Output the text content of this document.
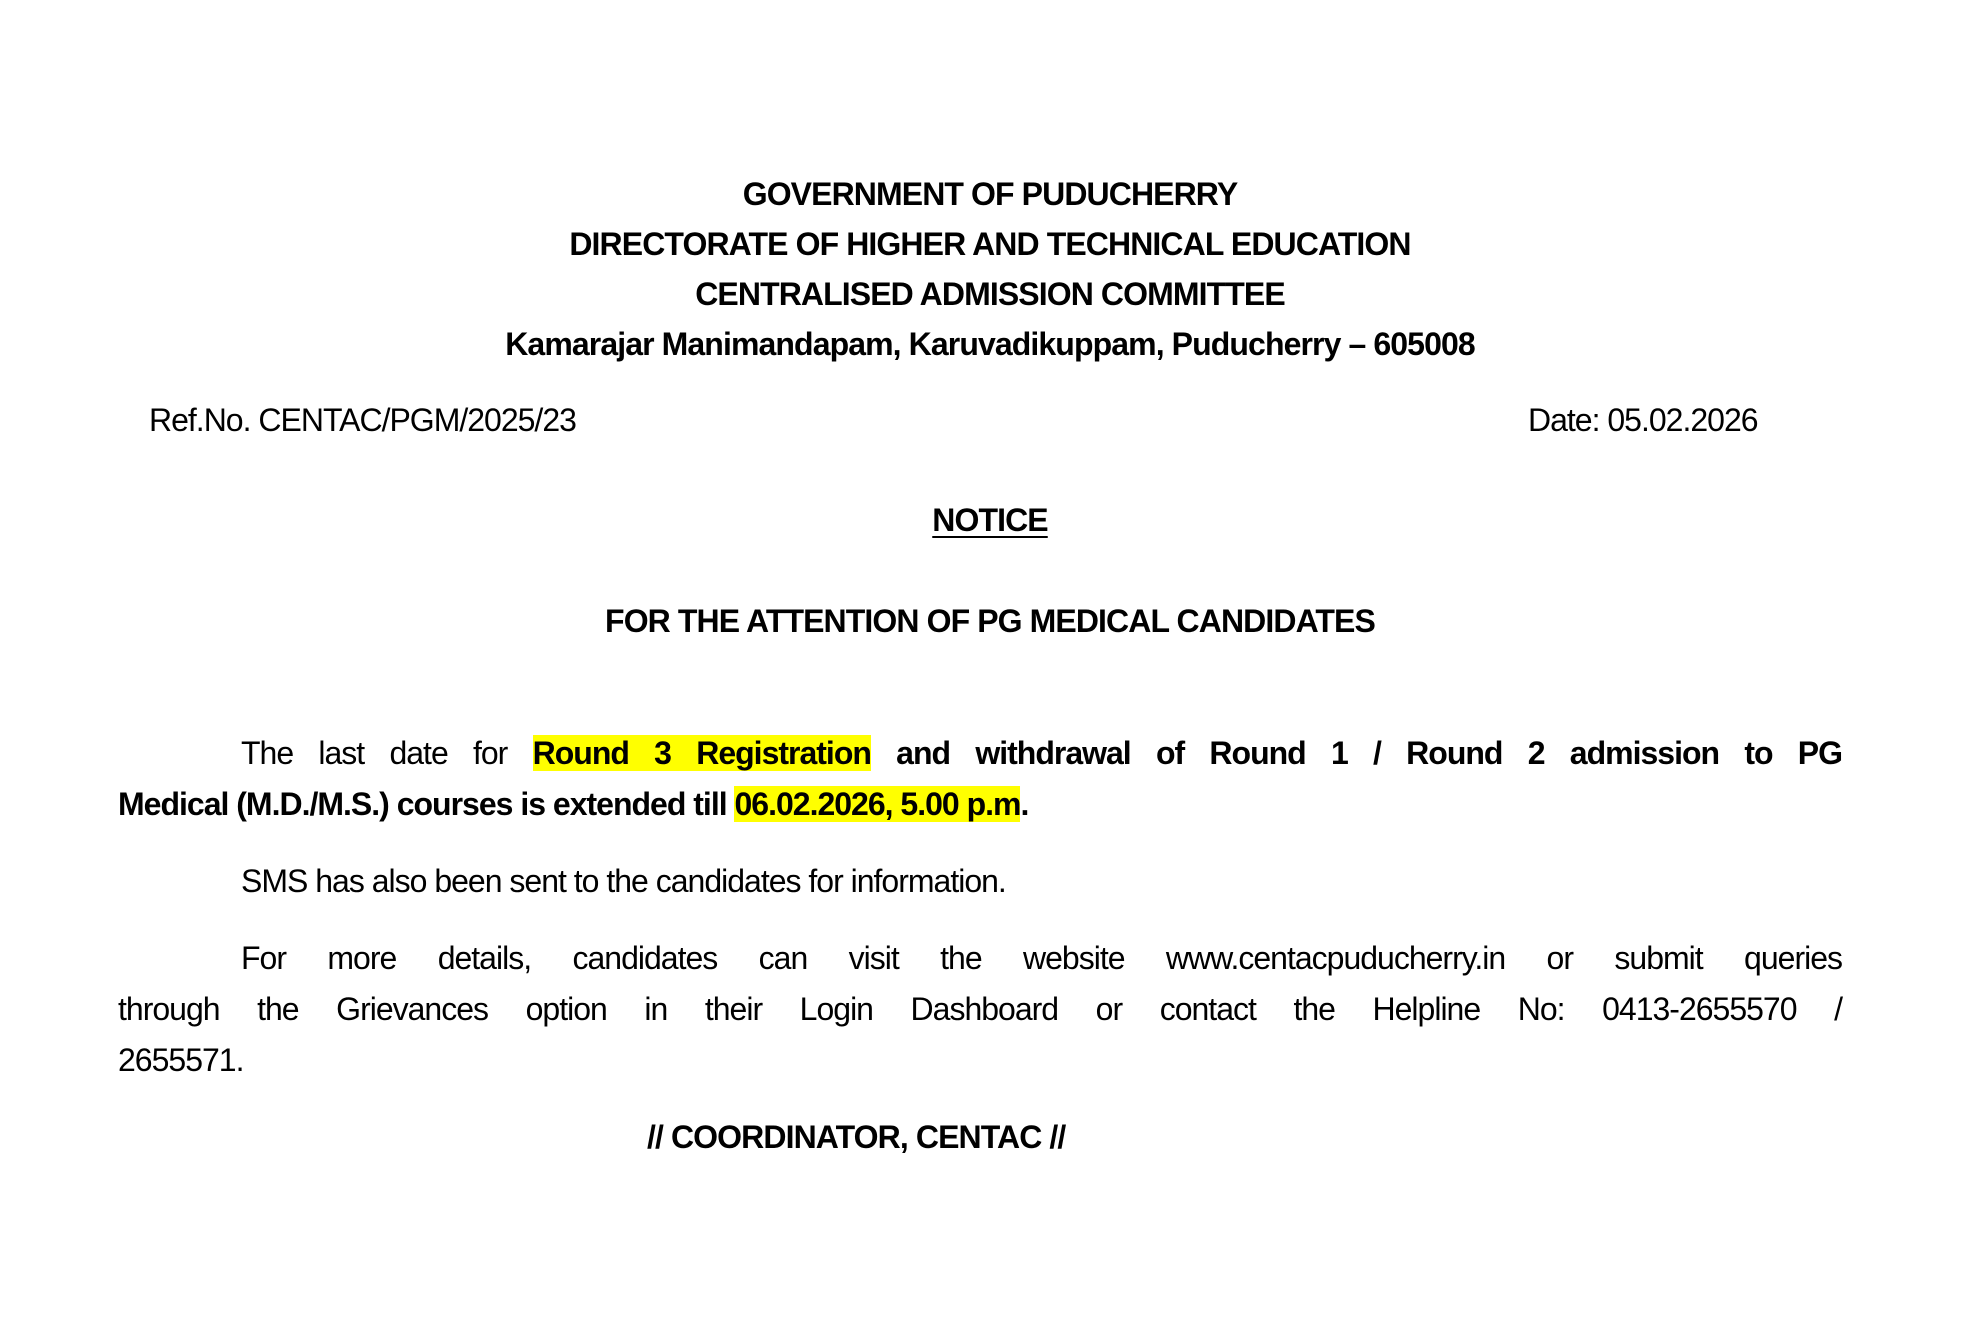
GOVERNMENT OF PUDUCHERRY
DIRECTORATE OF HIGHER AND TECHNICAL EDUCATION
CENTRALISED ADMISSION COMMITTEE
Kamarajar Manimandapam, Karuvadikuppam, Puducherry – 605008
Ref.No. CENTAC/PGM/2025/23	Date: 05.02.2026
NOTICE
FOR THE ATTENTION OF PG MEDICAL CANDIDATES
The last date for Round 3 Registration and withdrawal of Round 1 / Round 2 admission to PG
Medical (M.D./M.S.) courses is extended till 06.02.2026, 5.00 p.m.
SMS has also been sent to the candidates for information.
For more details, candidates can visit the website www.centacpuducherry.in or submit queries
through the Grievances option in their Login Dashboard or contact the Helpline No: 0413-2655570 /
2655571.
// COORDINATOR, CENTAC //
